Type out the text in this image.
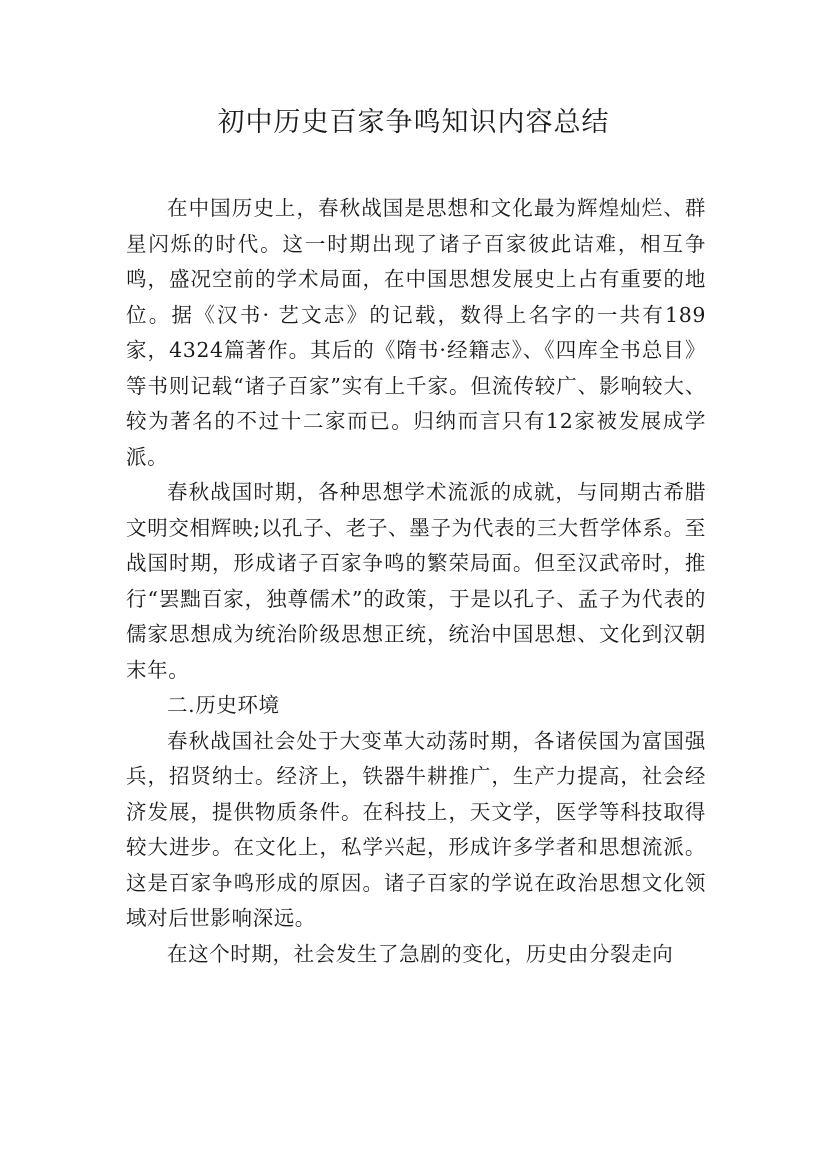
初中历史百家争鸣知识内容总结

在中国历史上，春秋战国是思想和文化最为辉煌灿烂、群星闪烁的时代。这一时期出现了诸子百家彼此诘难，相互争鸣，盛况空前的学术局面，在中国思想发展史上占有重要的地位。据《汉书· 艺文志》的记载，数得上名字的一共有189家，4324篇著作。其后的《隋书·经籍志》、《四库全书总目》等书则记载“诸子百家”实有上千家。但流传较广、影响较大、较为著名的不过十二家而已。归纳而言只有12家被发展成学派。

春秋战国时期，各种思想学术流派的成就，与同期古希腊文明交相辉映;以孔子、老子、墨子为代表的三大哲学体系。至战国时期，形成诸子百家争鸣的繁荣局面。但至汉武帝时，推行“罢黜百家，独尊儒术”的政策，于是以孔子、孟子为代表的儒家思想成为统治阶级思想正统，统治中国思想、文化到汉朝末年。

二.历史环境

春秋战国社会处于大变革大动荡时期，各诸侯国为富国强兵，招贤纳士。经济上，铁器牛耕推广，生产力提高，社会经济发展，提供物质条件。在科技上，天文学，医学等科技取得较大进步。在文化上，私学兴起，形成许多学者和思想流派。这是百家争鸣形成的原因。诸子百家的学说在政治思想文化领域对后世影响深远。

在这个时期，社会发生了急剧的变化，历史由分裂走向
